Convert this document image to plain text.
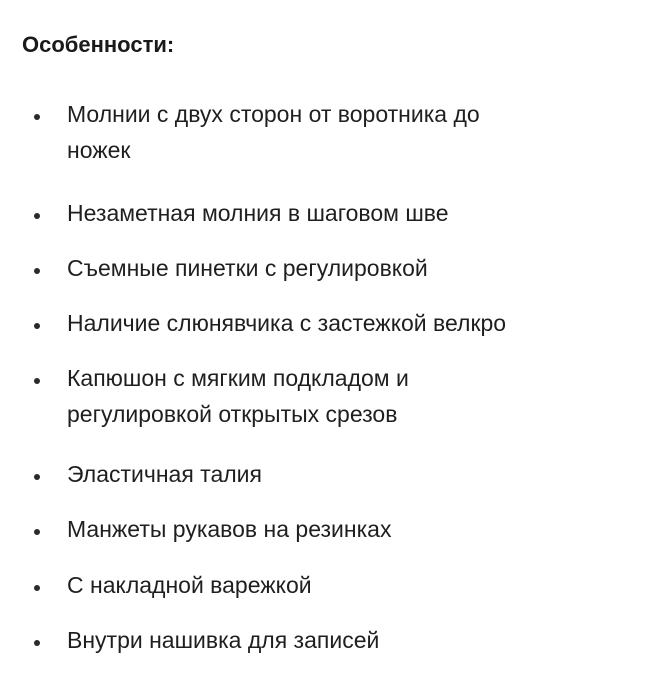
Особенности:
Молнии с двух сторон от воротника до
ножек
Незаметная молния в шаговом шве
Съемные пинетки с регулировкой
Наличие слюнявчика с застежкой велкро
Капюшон с мягким подкладом и
регулировкой открытых срезов
Эластичная талия
Манжеты рукавов на резинках
С накладной варежкой
Внутри нашивка для записей
